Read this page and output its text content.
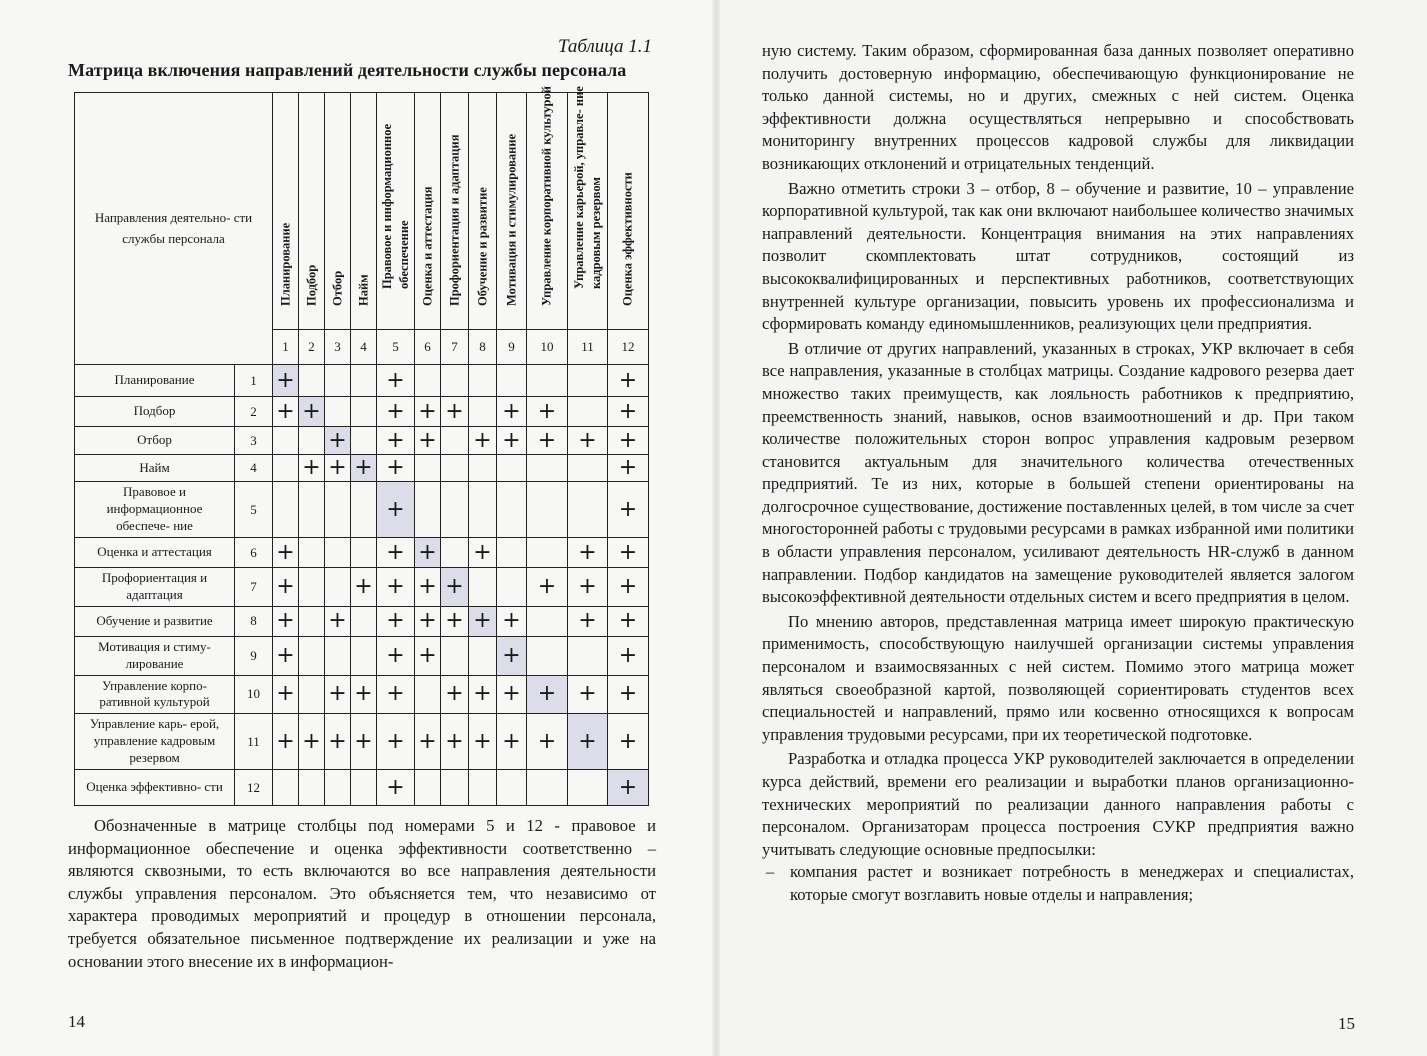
Таблица 1.1
Матрица включения направлений деятельности службы персонала
Направления деятельно- сти службы персонала		Планирование	Подбор	Отбор	Найм	Правовое и информационное обеспечение	Оценка и аттестация	Профориентация и адаптация	Обучение и развитие	Мотивация и стимулирование	Управление корпоративной культурой	Управление карьерой, управле- ние кадровым резервом	Оценка эффективности

		1	2	3	4	5	6	7	8	9	10	11	12
Планирование	1	+				+							+
Подбор	2	+	+			+	+	+		+	+		+
Отбор	3			+		+	+		+	+	+	+	+
Найм	4		+	+	+	+							+
Правовое и информационное обеспече- ние	5					+							+
Оценка и аттестация	6	+				+	+		+			+	+
Профориентация и адаптация	7	+			+	+	+	+			+	+	+
Обучение и развитие	8	+		+		+	+	+	+	+		+	+
Мотивация и стиму- лирование	9	+				+	+			+			+
Управление корпо- ративной культурой	10	+		+	+	+		+	+	+	+	+	+
Управление карь- ерой, управление кадровым резервом	11	+	+	+	+	+	+	+	+	+	+	+	+
Оценка эффективно- сти	12					+							+

Обозначенные в матрице столбцы под номерами 5 и 12 - правовое и информационное обеспечение и оценка эффективности соответственно – являются сквозными, то есть включаются во все направления деятельности службы управления персоналом. Это объясняется тем, что независимо от характера проводимых мероприятий и процедур в отношении персонала, требуется обязательное письменное подтверждение их реализации и уже на основании этого внесение их в информацион-

14

ную систему. Таким образом, сформированная база данных позволяет оперативно получить достоверную информацию, обеспечивающую функционирование не только данной системы, но и других, смежных с ней систем. Оценка эффективности должна осуществляться непрерывно и способствовать мониторингу внутренних процессов кадровой службы для ликвидации возникающих отклонений и отрицательных тенденций.

Важно отметить строки 3 – отбор, 8 – обучение и развитие, 10 – управление корпоративной культурой, так как они включают наибольшее количество значимых направлений деятельности. Концентрация внимания на этих направлениях позволит скомплектовать штат сотрудников, состоящий из высококвалифицированных и перспективных работников, соответствующих внутренней культуре организации, повысить уровень их профессионализма и сформировать команду единомышленников, реализующих цели предприятия.

В отличие от других направлений, указанных в строках, УКР включает в себя все направления, указанные в столбцах матрицы. Создание кадрового резерва дает множество таких преимуществ, как лояльность работников к предприятию, преемственность знаний, навыков, основ взаимоотношений и др. При таком количестве положительных сторон вопрос управления кадровым резервом становится актуальным для значительного количества отечественных предприятий. Те из них, которые в большей степени ориентированы на долгосрочное существование, достижение поставленных целей, в том числе за счет многосторонней работы с трудовыми ресурсами в рамках избранной ими политики в области управления персоналом, усиливают деятельность HR-служб в данном направлении. Подбор кандидатов на замещение руководителей является залогом высокоэффективной деятельности отдельных систем и всего предприятия в целом.

По мнению авторов, представленная матрица имеет широкую практическую применимость, способствующую наилучшей организации системы управления персоналом и взаимосвязанных с ней систем. Помимо этого матрица может являться своеобразной картой, позволяющей сориентировать студентов всех специальностей и направлений, прямо или косвенно относящихся к вопросам управления трудовыми ресурсами, при их теоретической подготовке.

Разработка и отладка процесса УКР руководителей заключается в определении курса действий, времени его реализации и выработки планов организационно-технических мероприятий по реализации данного направления работы с персоналом. Организаторам процесса построения СУКР предприятия важно учитывать следующие основные предпосылки:

– компания растет и возникает потребность в менеджерах и специалистах, которые смогут возглавить новые отделы и направления;
15
